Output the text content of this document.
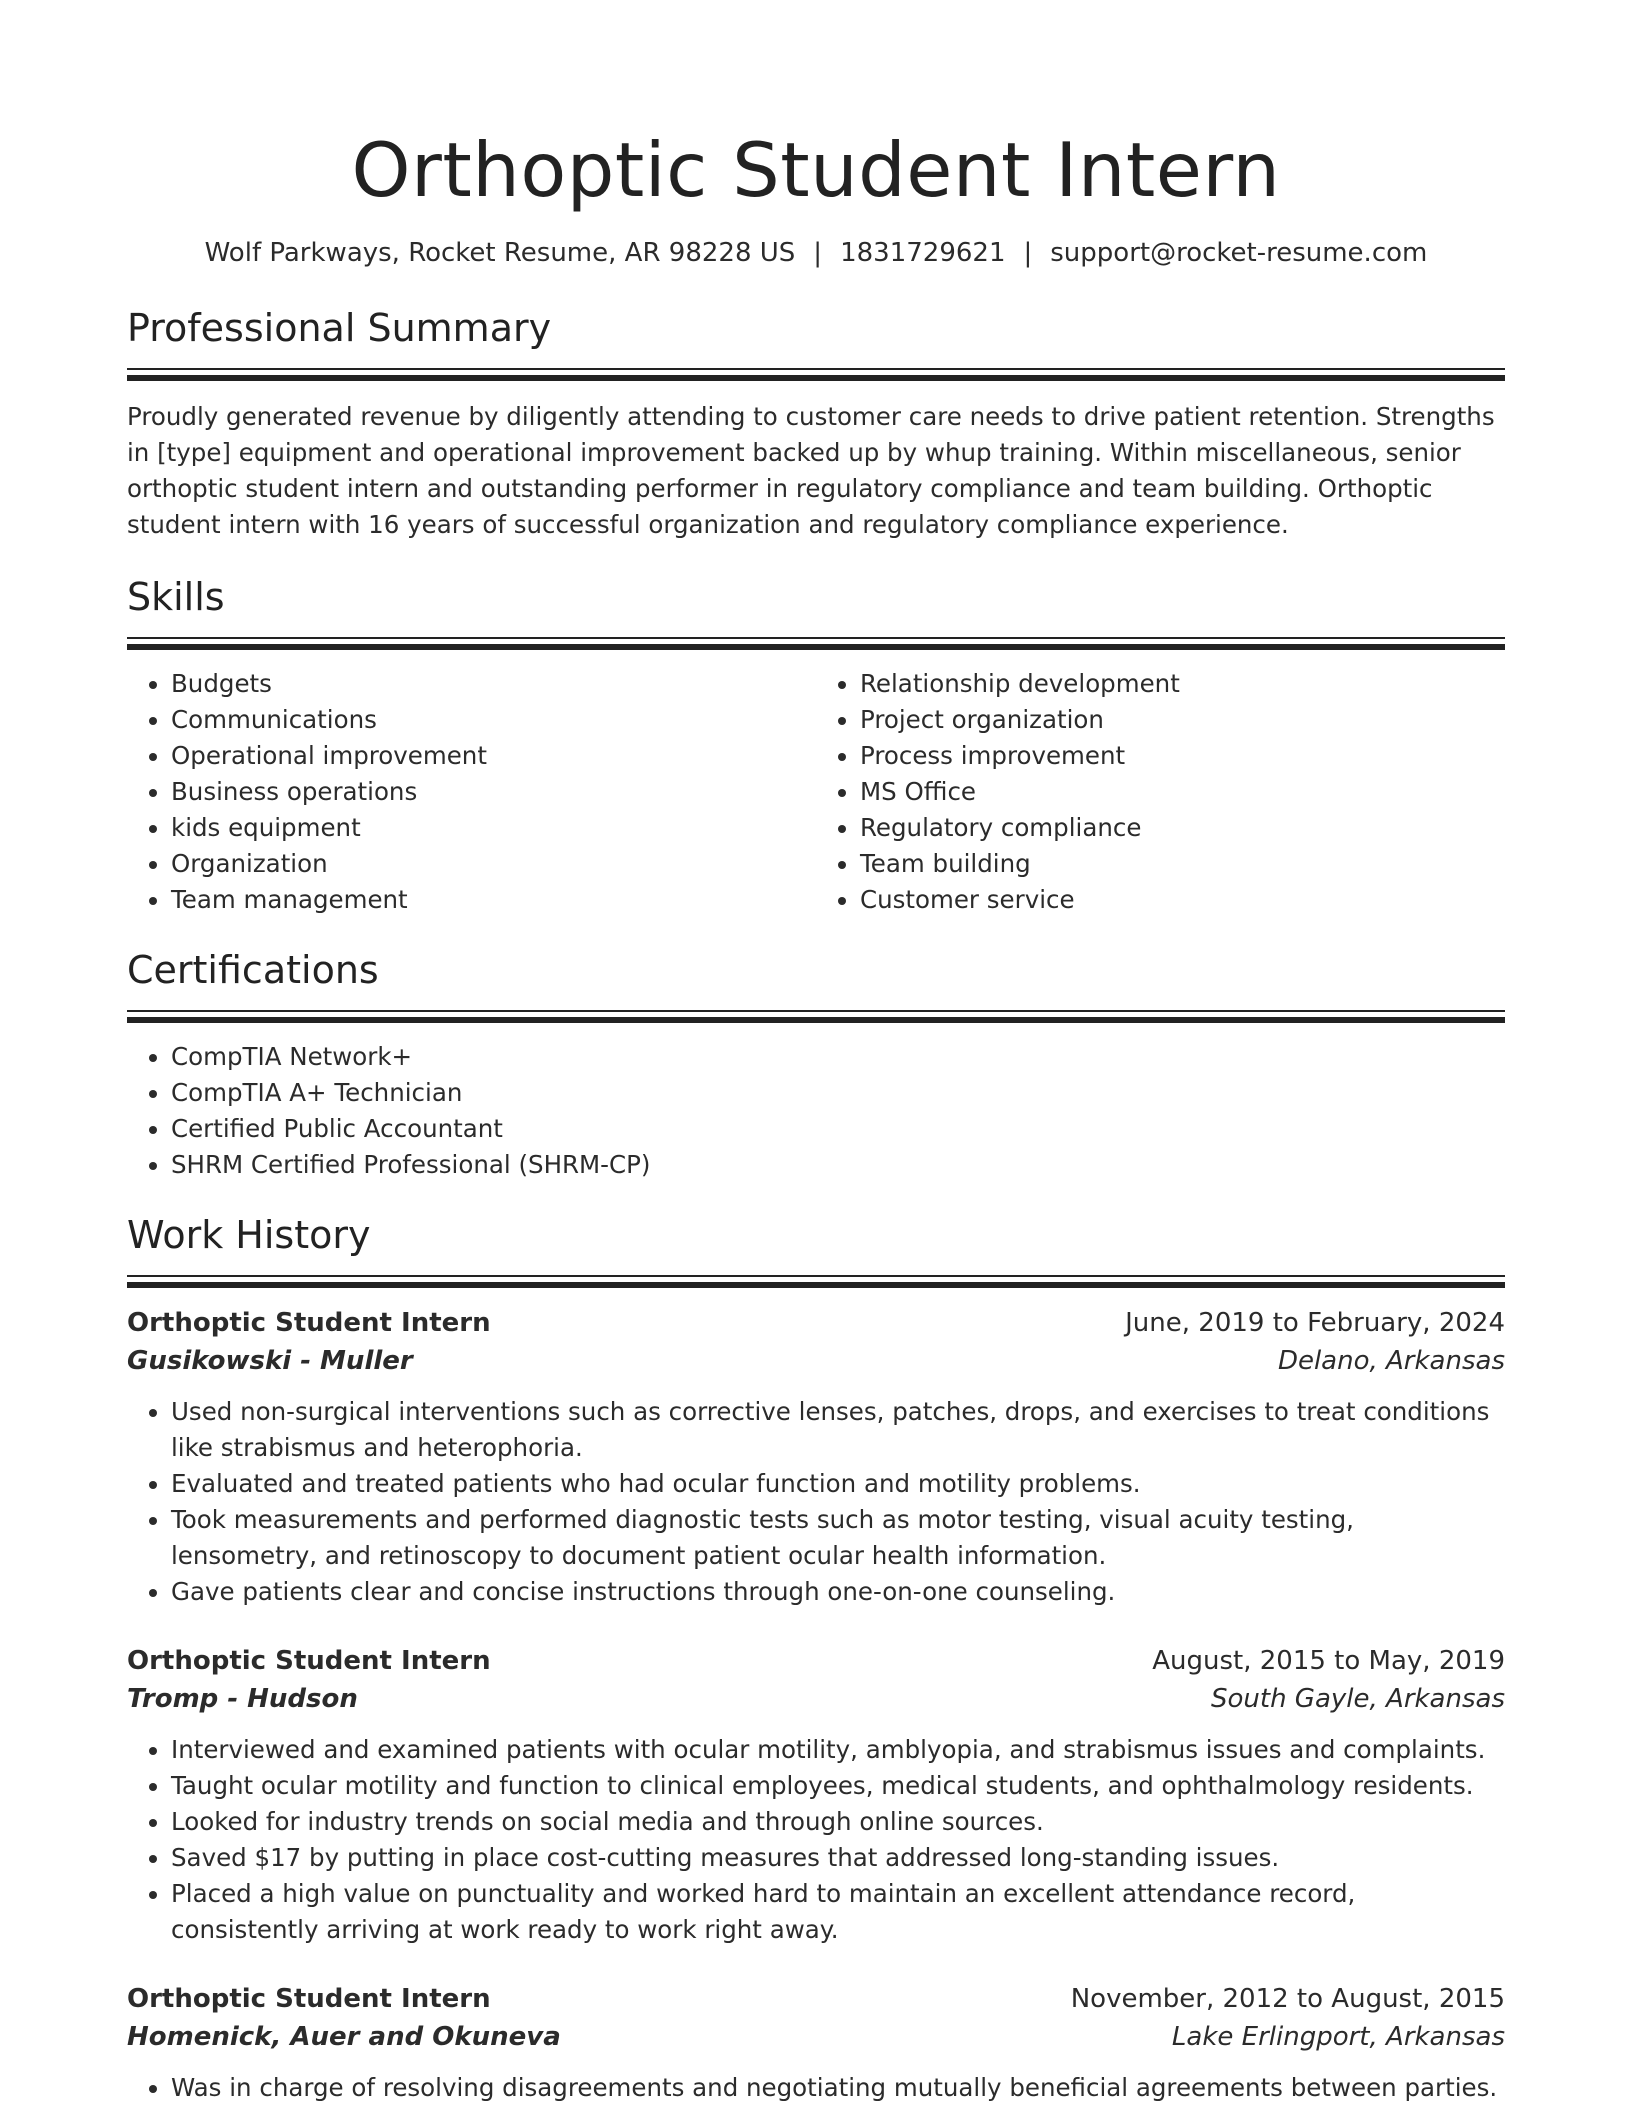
Orthoptic Student Intern
Wolf Parkways, Rocket Resume, AR 98228 US | 1831729621 | support@rocket-resume.com
Professional Summary

Proudly generated revenue by diligently attending to customer care needs to drive patient retention. Strengths in [type] equipment and operational improvement backed up by whup training. Within miscellaneous, senior orthoptic student intern and outstanding performer in regulatory compliance and team building. Orthoptic student intern with 16 years of successful organization and regulatory compliance experience.

Skills
• Budgets
• Communications
• Operational improvement
• Business operations
• kids equipment
• Organization
• Team management
• Relationship development
• Project organization
• Process improvement
• MS Office
• Regulatory compliance
• Team building
• Customer service
Certifications
• CompTIA Network+
• CompTIA A+ Technician
• Certified Public Accountant
• SHRM Certified Professional (SHRM-CP)
Work History
Orthoptic Student Intern	June, 2019 to February, 2024
Gusikowski - Muller	Delano, Arkansas
• Used non-surgical interventions such as corrective lenses, patches, drops, and exercises to treat conditions like strabismus and heterophoria.
• Evaluated and treated patients who had ocular function and motility problems.
• Took measurements and performed diagnostic tests such as motor testing, visual acuity testing, lensometry, and retinoscopy to document patient ocular health information.
• Gave patients clear and concise instructions through one-on-one counseling.
Orthoptic Student Intern	August, 2015 to May, 2019
Tromp - Hudson	South Gayle, Arkansas
• Interviewed and examined patients with ocular motility, amblyopia, and strabismus issues and complaints.
• Taught ocular motility and function to clinical employees, medical students, and ophthalmology residents.
• Looked for industry trends on social media and through online sources.
• Saved $17 by putting in place cost-cutting measures that addressed long-standing issues.
• Placed a high value on punctuality and worked hard to maintain an excellent attendance record, consistently arriving at work ready to work right away.
Orthoptic Student Intern	November, 2012 to August, 2015
Homenick, Auer and Okuneva	Lake Erlingport, Arkansas
• Was in charge of resolving disagreements and negotiating mutually beneficial agreements between parties.
